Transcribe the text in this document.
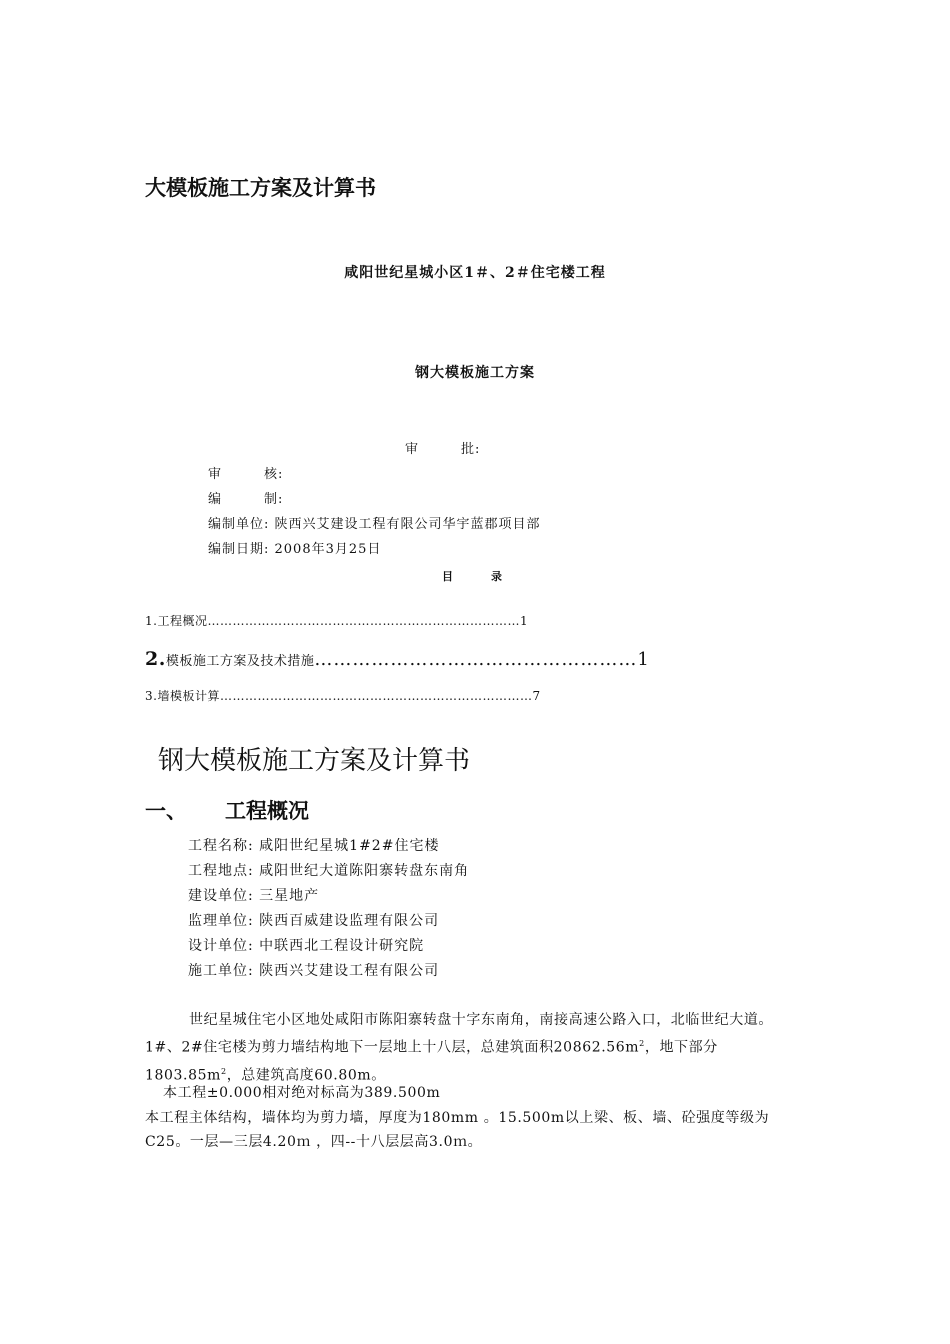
大模板施工方案及计算书
咸阳世纪星城小区1＃、2＃住宅楼工程
钢大模板施工方案
审	批:
审	核:
编	制:
编制单位: 陕西兴艾建设工程有限公司华宇蓝郡项目部
编制日期: 2008年3月25日
目	录
1.工程概况…………………………………………………………………1
2.模板施工方案及技术措施……………………………………………1
3.墙模板计算…………………………………………………………………7
钢大模板施工方案及计算书
一、 工程概况
工程名称: 咸阳世纪星城1#2#住宅楼
工程地点: 咸阳世纪大道陈阳寨转盘东南角
建设单位: 三星地产
监理单位: 陕西百威建设监理有限公司
设计单位: 中联西北工程设计研究院
施工单位: 陕西兴艾建设工程有限公司
世纪星城住宅小区地处咸阳市陈阳寨转盘十字东南角，南接高速公路入口，北临世纪大道。1#、2#住宅楼为剪力墙结构地下一层地上十八层，总建筑面积$20862.56m^2$，地下部分$1803.85m^2$，总建筑高度60.80m。
本工程±0.000相对绝对标高为389.500m
本工程主体结构，墙体均为剪力墙，厚度为180mm 。15.500m以上梁、板、墙、砼强度等级为C25。一层—三层4.20ｍ ，四--十八层层高3.0ｍ。
